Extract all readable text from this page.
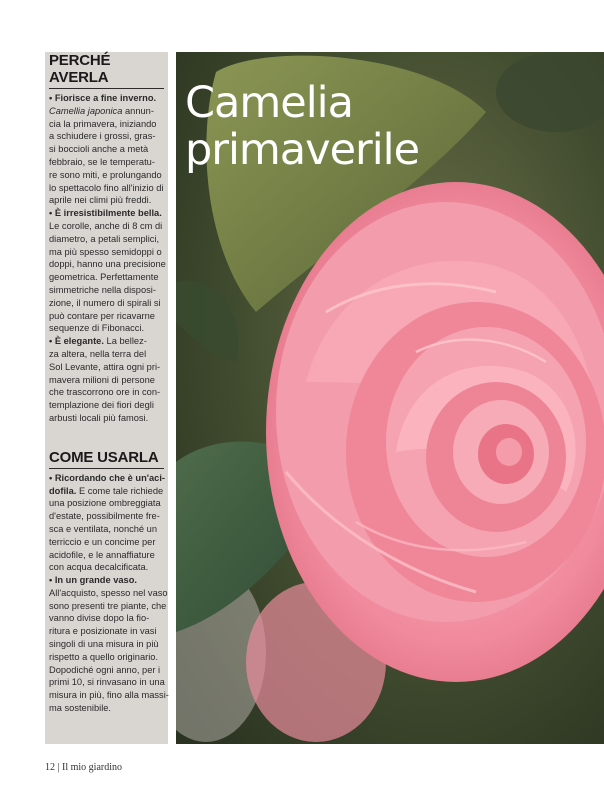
PERCHÉ AVERLA
• Fiorisce a fine inverno.
Camellia japonica annun-
cia la primavera, iniziando
a schiudere i grossi, gras-
si boccioli anche a metà
febbraio, se le temperatu-
re sono miti, e prolungando
lo spettacolo fino all'inizio di
aprile nei climi più freddi.
• È irresistibilmente bella.
Le corolle, anche di 8 cm di
diametro, a petali semplici,
ma più spesso semidoppi o
doppi, hanno una precisione
geometrica. Perfettamente
simmetriche nella disposi-
zione, il numero di spirali si
può contare per ricavarne
sequenze di Fibonacci.
• È elegante. La bellez-
za altera, nella terra del
Sol Levante, attira ogni pri-
mavera milioni di persone
che trascorrono ore in con-
templazione dei fiori degli
arbusti locali più famosi.
COME USARLA
• Ricordando che è un'aci-
dofila. E come tale richiede
una posizione ombreggiata
d'estate, possibilmente fre-
sca e ventilata, nonché un
terriccio e un concime per
acidofile, e le annaffiature
con acqua decalcificata.
• In un grande vaso.
All'acquisto, spesso nel vaso
sono presenti tre piante, che
vanno divise dopo la fio-
ritura e posizionate in vasi
singoli di una misura in più
rispetto a quello originario.
Dopodiché ogni anno, per i
primi 10, si rinvasano in una
misura in più, fino alla massi-
ma sostenibile.
Camelia
primaverile
12 | Il mio giardino
